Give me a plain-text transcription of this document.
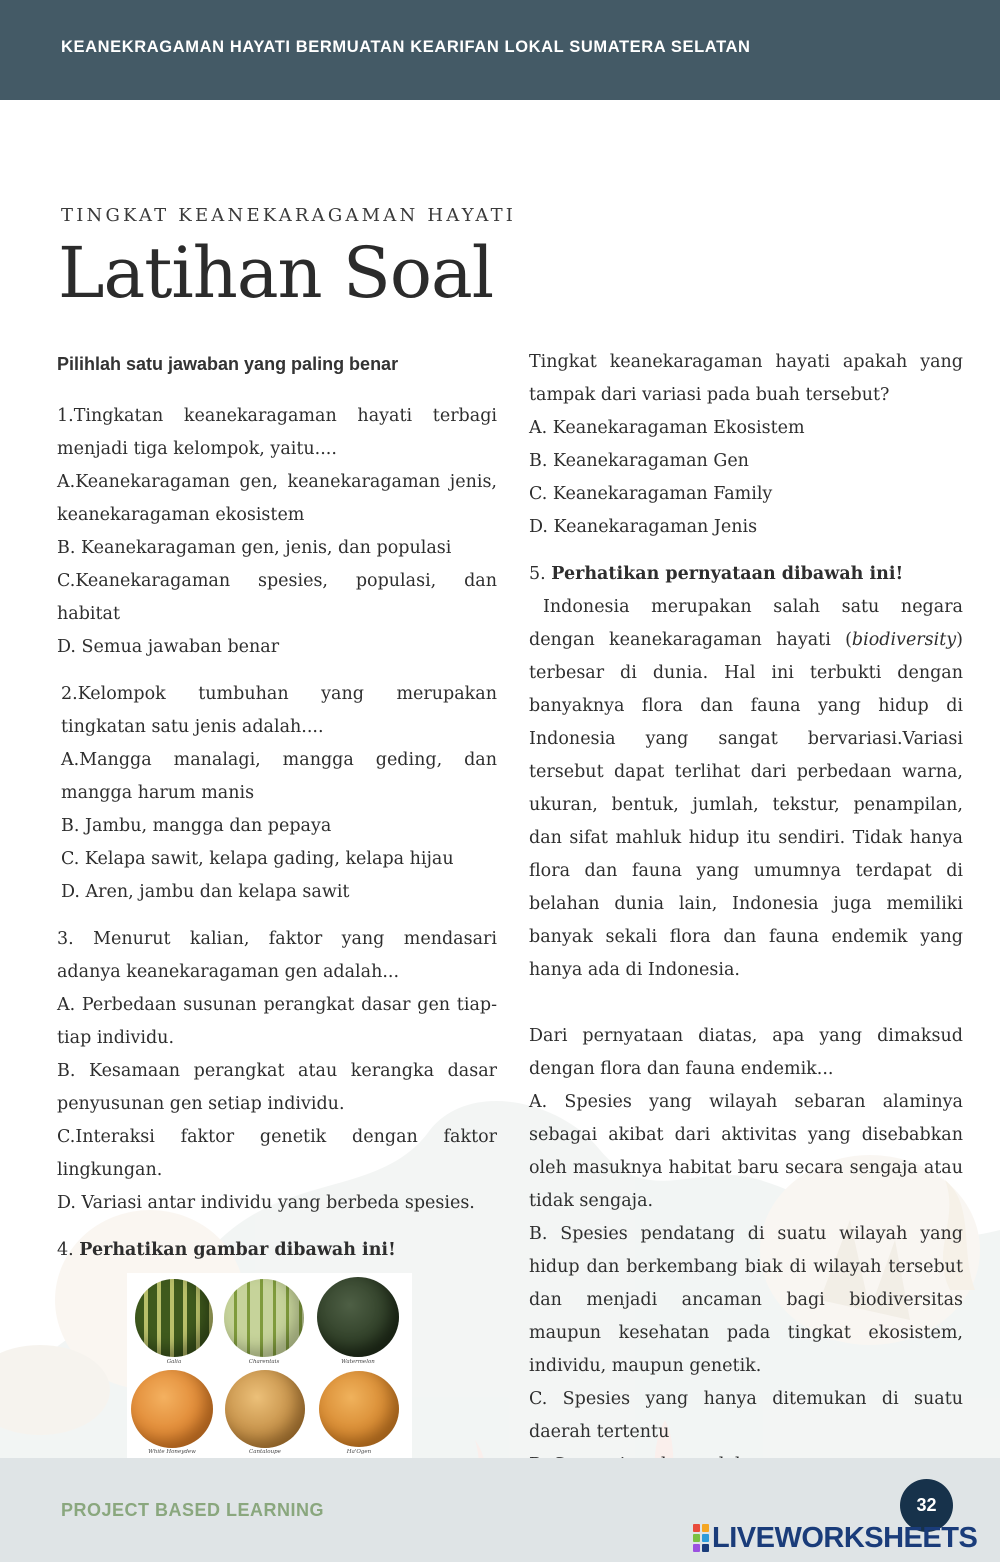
KEANEKRAGAMAN HAYATI BERMUATAN KEARIFAN LOKAL SUMATERA SELATAN
TINGKAT KEANEKARAGAMAN HAYATI
Latihan Soal
Pilihlah satu jawaban yang paling benar
1.Tingkatan keanekaragaman hayati terbagi menjadi tiga kelompok, yaitu....
A.Keanekaragaman gen, keanekaragaman jenis, keanekaragaman ekosistem
B. Keanekaragaman gen, jenis, dan populasi
C.Keanekaragaman spesies, populasi, dan habitat
D. Semua jawaban benar
2.Kelompok tumbuhan yang merupakan tingkatan satu jenis adalah....
A.Mangga manalagi, mangga geding, dan mangga harum manis
B. Jambu, mangga dan pepaya
C. Kelapa sawit, kelapa gading, kelapa hijau
D. Aren, jambu dan kelapa sawit
3. Menurut kalian, faktor yang mendasari adanya keanekaragaman gen adalah...
A. Perbedaan susunan perangkat dasar gen tiap-tiap individu.
B. Kesamaan perangkat atau kerangka dasar penyusunan gen setiap individu.
C.Interaksi faktor genetik dengan faktor lingkungan.
D. Variasi antar individu yang berbeda spesies.
4. Perhatikan gambar dibawah ini!
Galia	Charentais	Watermelon
White Honeydew	Cantaloupe	Ha'Ogen
Tingkat keanekaragaman hayati apakah yang tampak dari variasi pada buah tersebut?
A. Keanekaragaman Ekosistem
B. Keanekaragaman Gen
C. Keanekaragaman Family
D. Keanekaragaman Jenis
5. Perhatikan pernyataan dibawah ini!
Indonesia merupakan salah satu negara dengan keanekaragaman hayati (biodiversity) terbesar di dunia. Hal ini terbukti dengan banyaknya flora dan fauna yang hidup di Indonesia yang sangat bervariasi.Variasi tersebut dapat terlihat dari perbedaan warna, ukuran, bentuk, jumlah, tekstur, penampilan, dan sifat mahluk hidup itu sendiri. Tidak hanya flora dan fauna yang umumnya terdapat di belahan dunia lain, Indonesia juga memiliki banyak sekali flora dan fauna endemik yang hanya ada di Indonesia.
Dari pernyataan diatas, apa yang dimaksud dengan flora dan fauna endemik...
A. Spesies yang wilayah sebaran alaminya sebagai akibat dari aktivitas yang disebabkan oleh masuknya habitat baru secara sengaja atau tidak sengaja.
B. Spesies pendatang di suatu wilayah yang hidup dan berkembang biak di wilayah tersebut dan menjadi ancaman bagi biodiversitas maupun kesehatan pada tingkat ekosistem, individu, maupun genetik.
C. Spesies yang hanya ditemukan di suatu daerah tertentu
PROJECT BASED LEARNING	32
LIVEWORKSHEETS
